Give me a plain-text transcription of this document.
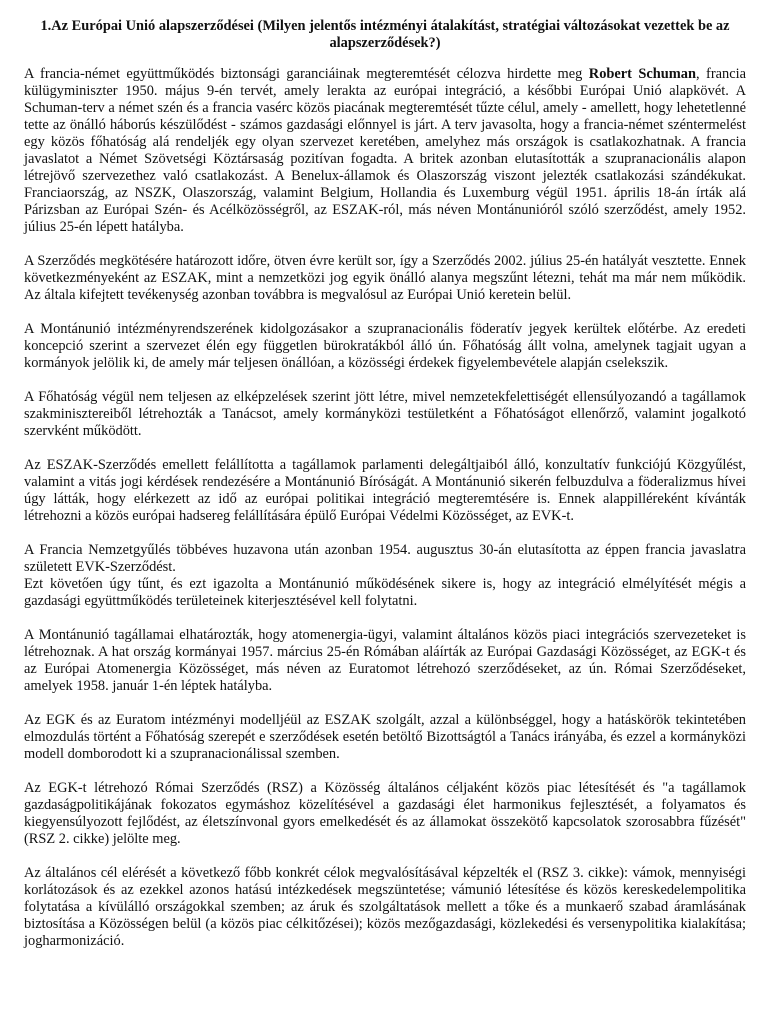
1.Az Európai Unió alapszerződései (Milyen jelentős intézményi átalakítást, stratégiai változásokat vezettek be az alapszerződések?)

A francia-német együttműködés biztonsági garanciáinak megteremtését célozva hirdette meg Robert Schuman, francia külügyminiszter 1950. május 9-én tervét, amely lerakta az európai integráció, a későbbi Európai Unió alapkövét. A Schuman-terv a német szén és a francia vasérc közös piacának megteremtését tűzte célul, amely - amellett, hogy lehetetlenné tette az önálló háborús készülődést - számos gazdasági előnnyel is járt. A terv javasolta, hogy a francia-német széntermelést egy közös főhatóság alá rendeljék egy olyan szervezet keretében, amelyhez más országok is csatlakozhatnak. A francia javaslatot a Német Szövetségi Köztársaság pozitívan fogadta. A britek azonban elutasították a szupranacionális alapon létrejövő szervezethez való csatlakozást. A Benelux-államok és Olaszország viszont jelezték csatlakozási szándékukat. Franciaország, az NSZK, Olaszország, valamint Belgium, Hollandia és Luxemburg végül 1951. április 18-án írták alá Párizsban az Európai Szén- és Acélközösségről, az ESZAK-ról, más néven Montánunióról szóló szerződést, amely 1952. július 25-én lépett hatályba.

A Szerződés megkötésére határozott időre, ötven évre került sor, így a Szerződés 2002. július 25-én hatályát vesztette. Ennek következményeként az ESZAK, mint a nemzetközi jog egyik önálló alanya megszűnt létezni, tehát ma már nem működik. Az általa kifejtett tevékenység azonban továbbra is megvalósul az Európai Unió keretein belül.

A Montánunió intézményrendszerének kidolgozásakor a szupranacionális föderatív jegyek kerültek előtérbe. Az eredeti koncepció szerint a szervezet élén egy független bürokratákból álló ún. Főhatóság állt volna, amelynek tagjait ugyan a kormányok jelölik ki, de amely már teljesen önállóan, a közösségi érdekek figyelembevétele alapján cselekszik.

A Főhatóság végül nem teljesen az elképzelések szerint jött létre, mivel nemzetekfelettiségét ellensúlyozandó a tagállamok szakminisztereiből létrehozták a Tanácsot, amely kormányközi testületként a Főhatóságot ellenőrző, valamint jogalkotó szervként működött.

Az ESZAK-Szerződés emellett felállította a tagállamok parlamenti delegáltjaiból álló, konzultatív funkciójú Közgyűlést, valamint a vitás jogi kérdések rendezésére a Montánunió Bíróságát. A Montánunió sikerén felbuzdulva a föderalizmus hívei úgy látták, hogy elérkezett az idő az európai politikai integráció megteremtésére is. Ennek alappilléreként kívánták létrehozni a közös európai hadsereg felállítására épülő Európai Védelmi Közösséget, az EVK-t.

A Francia Nemzetgyűlés többéves huzavona után azonban 1954. augusztus 30-án elutasította az éppen francia javaslatra született EVK-Szerződést.

Ezt követően úgy tűnt, és ezt igazolta a Montánunió működésének sikere is, hogy az integráció elmélyítését mégis a gazdasági együttműködés területeinek kiterjesztésével kell folytatni.

A Montánunió tagállamai elhatározták, hogy atomenergia-ügyi, valamint általános közös piaci integrációs szervezeteket is létrehoznak. A hat ország kormányai 1957. március 25-én Rómában aláírták az Európai Gazdasági Közösséget, az EGK-t és az Európai Atomenergia Közösséget, más néven az Euratomot létrehozó szerződéseket, az ún. Római Szerződéseket, amelyek 1958. január 1-én léptek hatályba.

Az EGK és az Euratom intézményi modelljéül az ESZAK szolgált, azzal a különbséggel, hogy a hatáskörök tekintetében elmozdulás történt a Főhatóság szerepét e szerződések esetén betöltő Bizottságtól a Tanács irányába, és ezzel a kormányközi modell domborodott ki a szupranacionálissal szemben.

Az EGK-t létrehozó Római Szerződés (RSZ) a Közösség általános céljaként közös piac létesítését és "a tagállamok gazdaságpolitikájának fokozatos egymáshoz közelítésével a gazdasági élet harmonikus fejlesztését, a folyamatos és kiegyensúlyozott fejlődést, az életszínvonal gyors emelkedését és az államokat összekötő kapcsolatok szorosabbra fűzését" (RSZ 2. cikke) jelölte meg.

Az általános cél elérését a következő főbb konkrét célok megvalósításával képzelték el (RSZ 3. cikke): vámok, mennyiségi korlátozások és az ezekkel azonos hatású intézkedések megszüntetése; vámunió létesítése és közös kereskedelempolitika folytatása a kívülálló országokkal szemben; az áruk és szolgáltatások mellett a tőke és a munkaerő szabad áramlásának biztosítása a Közösségen belül (a közös piac célkitőzései); közös mezőgazdasági, közlekedési és versenypolitika kialakítása; jogharmonizáció.
